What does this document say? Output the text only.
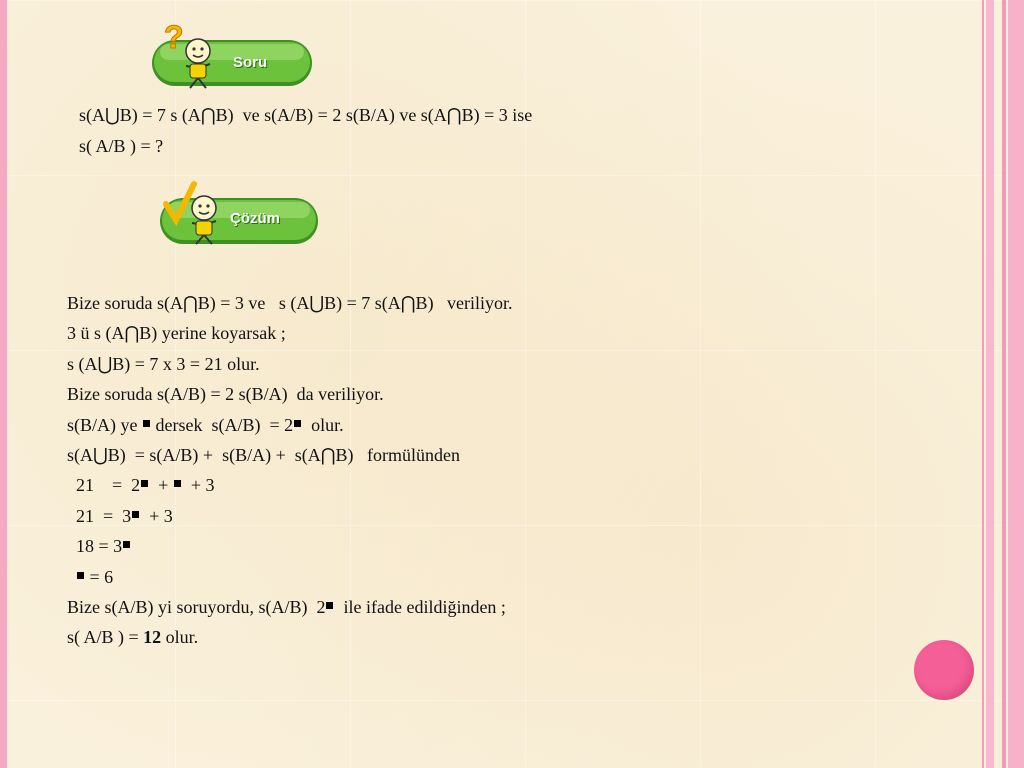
?
Soru
s(A⋃B) = 7 s (A⋂B)  ve s(A/B) = 2 s(B/A) ve s(A⋂B) = 3 ise
s( A/B ) = ?
Çözüm
Bize soruda s(A⋂B) = 3 ve   s (A⋃B) = 7 s(A⋂B)   veriliyor.
3 ü s (A⋂B) yerine koyarsak ;
s (A⋃B) = 7 x 3 = 21 olur.
Bize soruda s(A/B) = 2 s(B/A)  da veriliyor.
s(B/A) ye  dersek  s(A/B)  = 2  olur.
s(A⋃B)  = s(A/B) +  s(B/A) +  s(A⋂B)   formülünden
21    =  2  +   + 3
21  =  3  + 3
18 = 3
= 6
Bize s(A/B) yi soruyordu, s(A/B)  2  ile ifade edildiğinden ;
s( A/B ) = 12 olur.
